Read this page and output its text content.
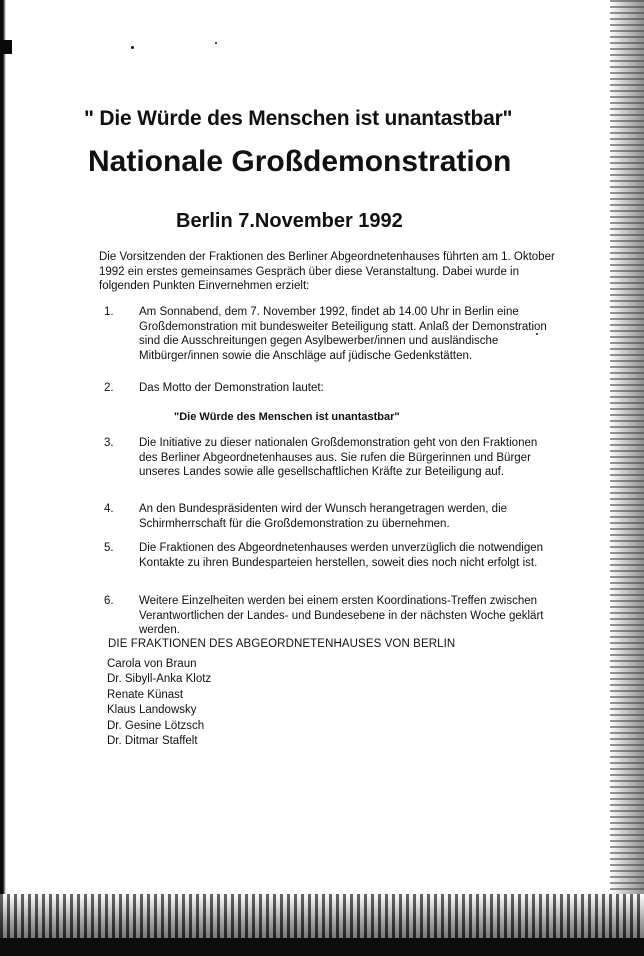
" Die Würde des Menschen ist unantastbar"
Nationale Großdemonstration
Berlin 7.November 1992
Die Vorsitzenden der Fraktionen des Berliner Abgeordnetenhauses führten am 1. Oktober 1992 ein erstes gemeinsames Gespräch über diese Veranstaltung. Dabei wurde in folgenden Punkten Einvernehmen erzielt:
1.	Am Sonnabend, dem 7. November 1992, findet ab 14.00 Uhr in Berlin eine Großdemonstration mit bundesweiter Beteiligung statt. Anlaß der Demonstration sind die Ausschreitungen gegen Asylbewerber/innen und ausländische Mitbürger/innen sowie die Anschläge auf jüdische Gedenkstätten.
2.	Das Motto der Demonstration lautet:
"Die Würde des Menschen ist unantastbar"
3.	Die Initiative zu dieser nationalen Großdemonstration geht von den Fraktionen des Berliner Abgeordnetenhauses aus. Sie rufen die Bürgerinnen und Bürger unseres Landes sowie alle gesellschaftlichen Kräfte zur Beteiligung auf.
4.	An den Bundespräsidenten wird der Wunsch herangetragen werden, die Schirmherrschaft für die Großdemonstration zu übernehmen.
5.	Die Fraktionen des Abgeordnetenhauses werden unverzüglich die notwendigen Kontakte zu ihren Bundesparteien herstellen, soweit dies noch nicht erfolgt ist.
6.	Weitere Einzelheiten werden bei einem ersten Koordinations-Treffen zwischen Verantwortlichen der Landes- und Bundesebene in der nächsten Woche geklärt werden.
DIE FRAKTIONEN DES ABGEORDNETENHAUSES VON BERLIN
Carola von Braun
Dr. Sibyll-Anka Klotz
Renate Künast
Klaus Landowsky
Dr. Gesine Lötzsch
Dr. Ditmar Staffelt
